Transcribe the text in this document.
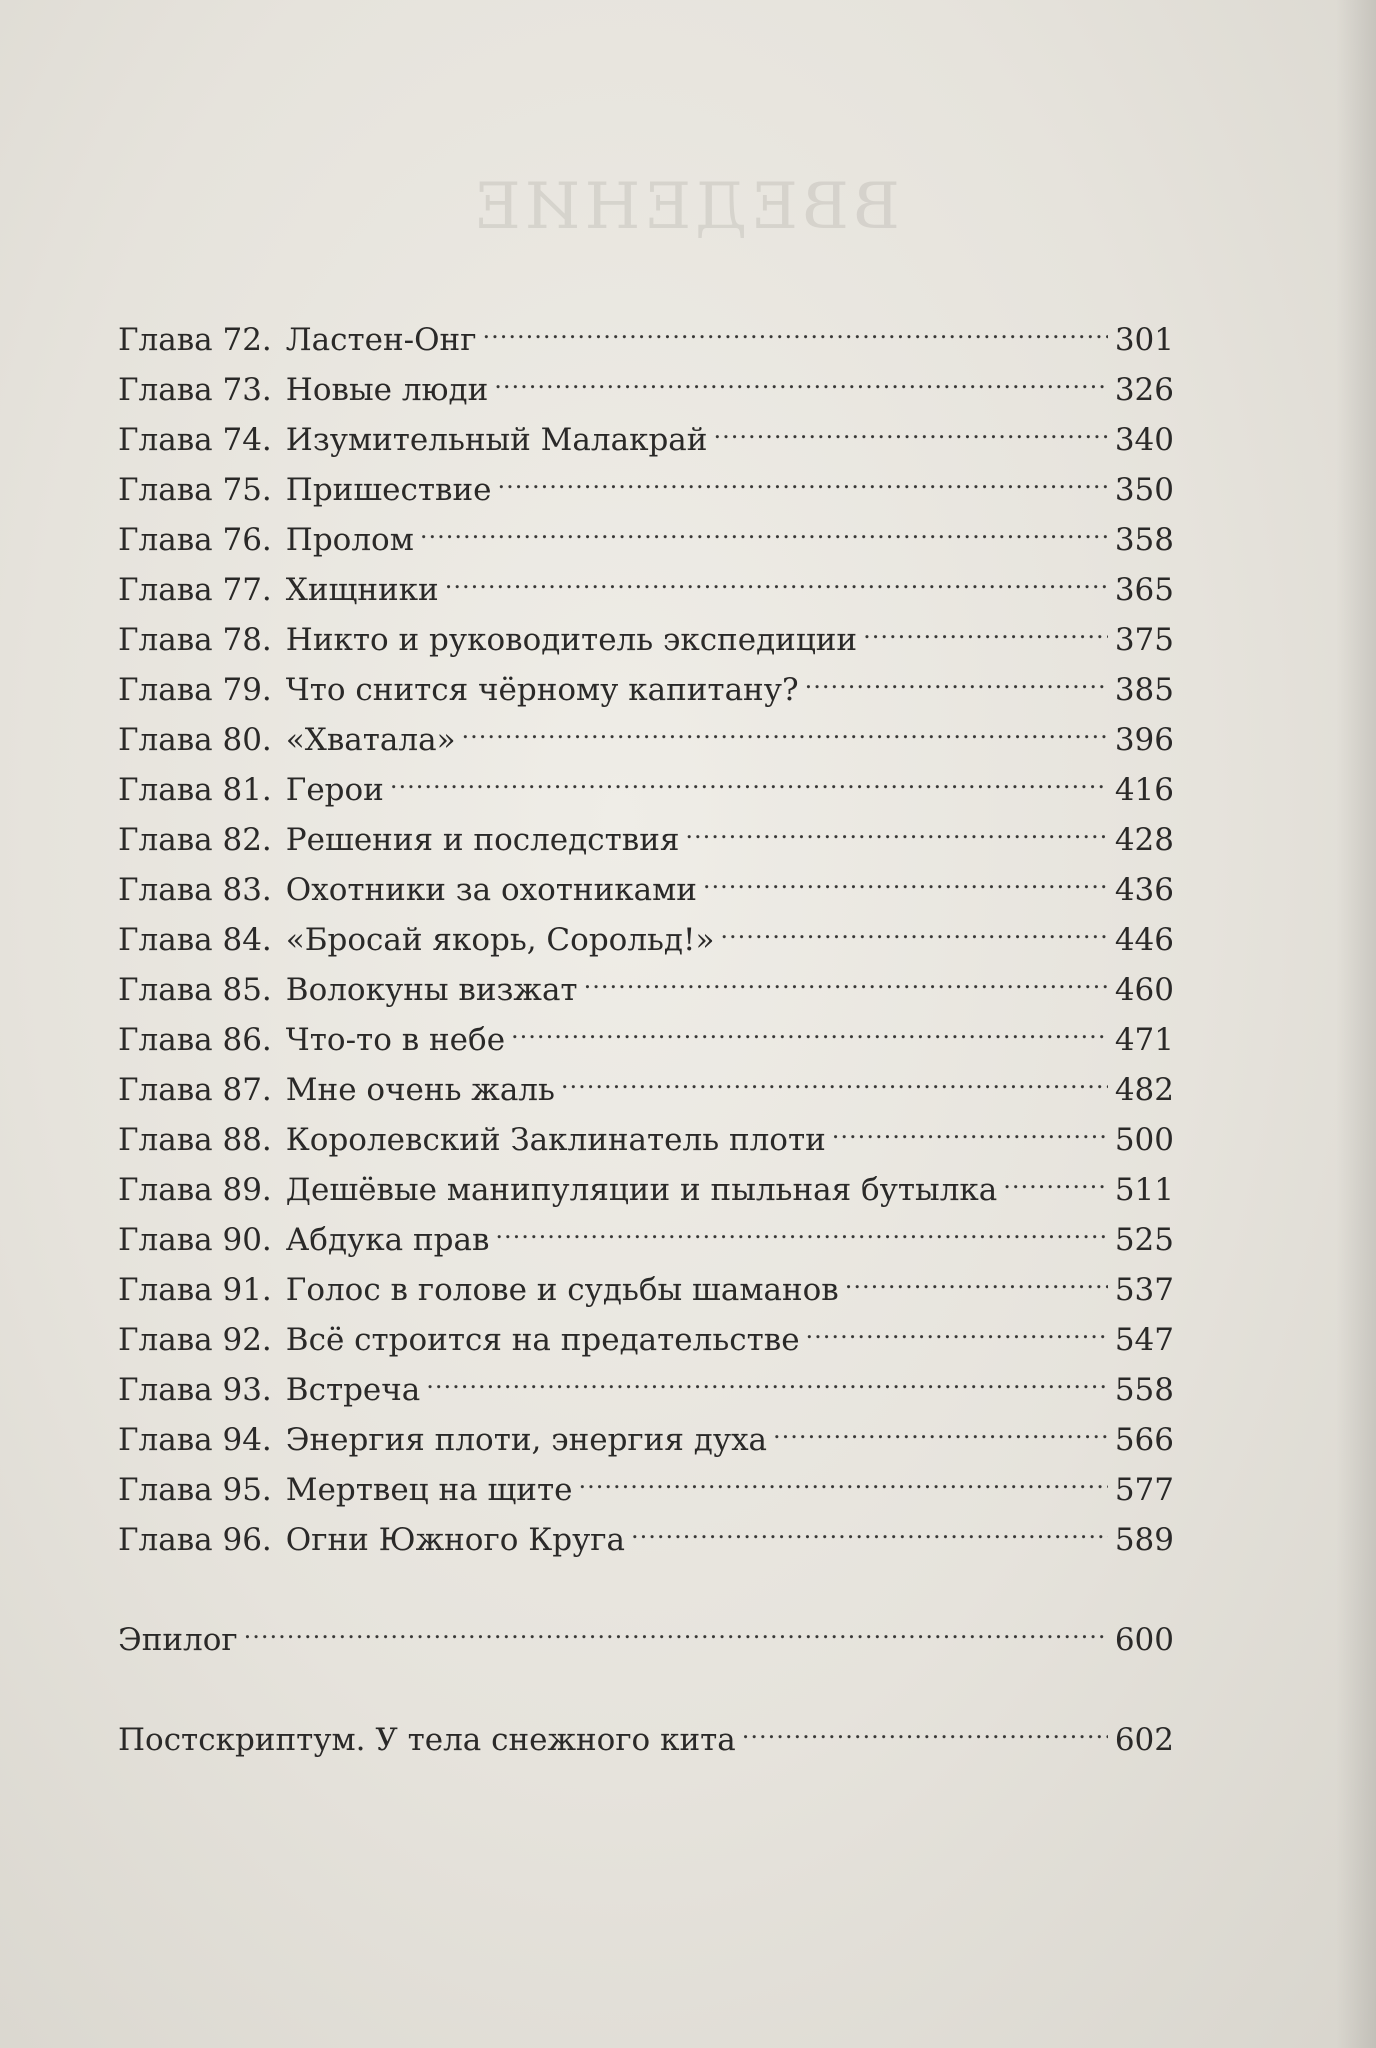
ВВЕДЕНИЕ
Глава 72. Ластен-Онг .....	301
Глава 73. Новые люди .....	326
Глава 74. Изумительный Малакрай .....	340
Глава 75. Пришествие .....	350
Глава 76. Пролом .....	358
Глава 77. Хищники .....	365
Глава 78. Никто и руководитель экспедиции .....	375
Глава 79. Что снится чёрному капитану? .....	385
Глава 80. «Хватала» .....	396
Глава 81. Герои .....	416
Глава 82. Решения и последствия .....	428
Глава 83. Охотники за охотниками .....	436
Глава 84. «Бросай якорь, Сорольд!» .....	446
Глава 85. Волокуны визжат .....	460
Глава 86. Что-то в небе .....	471
Глава 87. Мне очень жаль .....	482
Глава 88. Королевский Заклинатель плоти .....	500
Глава 89. Дешёвые манипуляции и пыльная бутылка .....	511
Глава 90. Абдука прав .....	525
Глава 91. Голос в голове и судьбы шаманов .....	537
Глава 92. Всё строится на предательстве .....	547
Глава 93. Встреча .....	558
Глава 94. Энергия плоти, энергия духа .....	566
Глава 95. Мертвец на щите .....	577
Глава 96. Огни Южного Круга .....	589
Эпилог .....	600
Постскриптум. У тела снежного кита .....	602
